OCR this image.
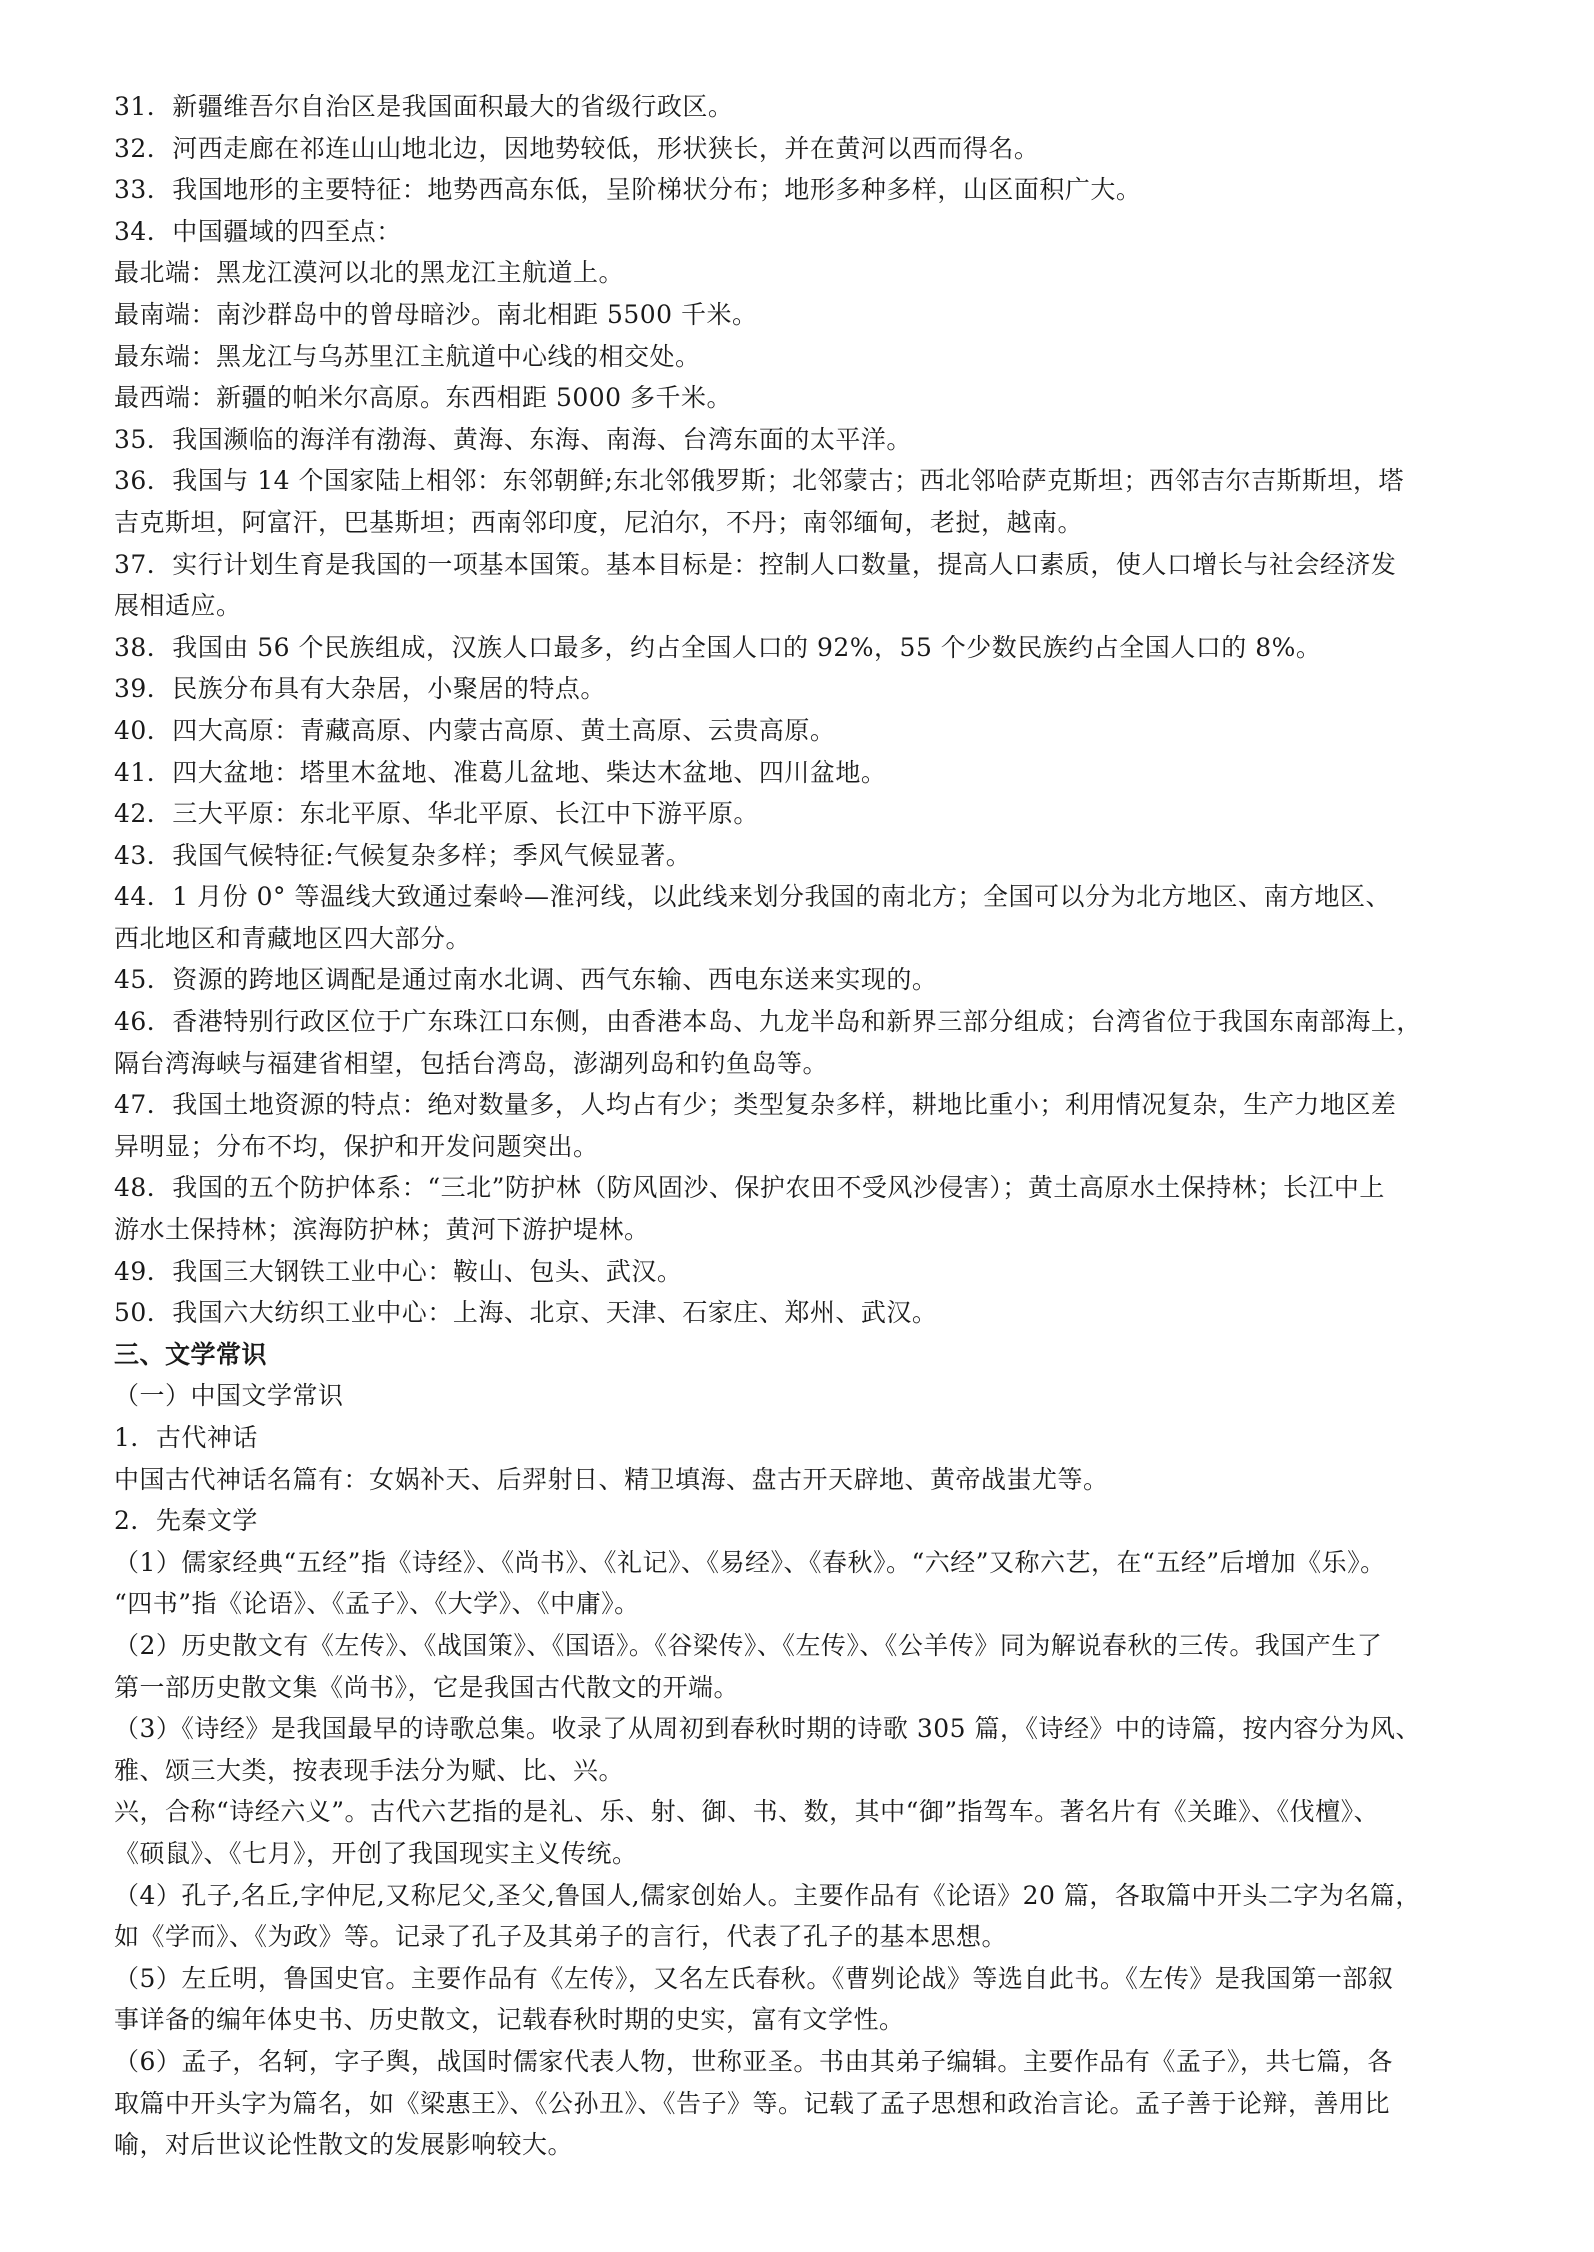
31．新疆维吾尔自治区是我国面积最大的省级行政区。
32．河西走廊在祁连山山地北边，因地势较低，形状狭长，并在黄河以西而得名。
33．我国地形的主要特征：地势西高东低，呈阶梯状分布；地形多种多样，山区面积广大。
34．中国疆域的四至点：
最北端：黑龙江漠河以北的黑龙江主航道上。
最南端：南沙群岛中的曾母暗沙。南北相距 5500 千米。
最东端：黑龙江与乌苏里江主航道中心线的相交处。
最西端：新疆的帕米尔高原。东西相距 5000 多千米。
35．我国濒临的海洋有渤海、黄海、东海、南海、台湾东面的太平洋。
36．我国与 14 个国家陆上相邻：东邻朝鲜;东北邻俄罗斯；北邻蒙古；西北邻哈萨克斯坦；西邻吉尔吉斯斯坦，塔
吉克斯坦，阿富汗，巴基斯坦；西南邻印度，尼泊尔，不丹；南邻缅甸，老挝，越南。
37．实行计划生育是我国的一项基本国策。基本目标是：控制人口数量，提高人口素质，使人口增长与社会经济发
展相适应。
38．我国由 56 个民族组成，汉族人口最多，约占全国人口的 92%，55 个少数民族约占全国人口的 8%。
39．民族分布具有大杂居，小聚居的特点。
40．四大高原：青藏高原、内蒙古高原、黄土高原、云贵高原。
41．四大盆地：塔里木盆地、准葛儿盆地、柴达木盆地、四川盆地。
42．三大平原：东北平原、华北平原、长江中下游平原。
43．我国气候特征:气候复杂多样；季风气候显著。
44．1 月份 0° 等温线大致通过秦岭—淮河线，以此线来划分我国的南北方；全国可以分为北方地区、南方地区、
西北地区和青藏地区四大部分。
45．资源的跨地区调配是通过南水北调、西气东输、西电东送来实现的。
46．香港特别行政区位于广东珠江口东侧，由香港本岛、九龙半岛和新界三部分组成；台湾省位于我国东南部海上，
隔台湾海峡与福建省相望，包括台湾岛，澎湖列岛和钓鱼岛等。
47．我国土地资源的特点：绝对数量多，人均占有少；类型复杂多样，耕地比重小；利用情况复杂，生产力地区差
异明显；分布不均，保护和开发问题突出。
48．我国的五个防护体系：“三北”防护林（防风固沙、保护农田不受风沙侵害）；黄土高原水土保持林；长江中上
游水土保持林；滨海防护林；黄河下游护堤林。
49．我国三大钢铁工业中心：鞍山、包头、武汉。
50．我国六大纺织工业中心：上海、北京、天津、石家庄、郑州、武汉。
三、文学常识
（一）中国文学常识
1．古代神话
中国古代神话名篇有：女娲补天、后羿射日、精卫填海、盘古开天辟地、黄帝战蚩尤等。
2．先秦文学
（1）儒家经典“五经”指《诗经》、《尚书》、《礼记》、《易经》、《春秋》。“六经”又称六艺，在“五经”后增加《乐》。
“四书”指《论语》、《孟子》、《大学》、《中庸》。
（2）历史散文有《左传》、《战国策》、《国语》。《谷梁传》、《左传》、《公羊传》同为解说春秋的三传。我国产生了
第一部历史散文集《尚书》，它是我国古代散文的开端。
（3）《诗经》是我国最早的诗歌总集。收录了从周初到春秋时期的诗歌 305 篇，《诗经》中的诗篇，按内容分为风、
雅、颂三大类，按表现手法分为赋、比、兴。
兴，合称“诗经六义”。古代六艺指的是礼、乐、射、御、书、数，其中“御”指驾车。著名片有《关雎》、《伐檀》、
《硕鼠》、《七月》，开创了我国现实主义传统。
（4）孔子,名丘,字仲尼,又称尼父,圣父,鲁国人,儒家创始人。主要作品有《论语》20 篇，各取篇中开头二字为名篇，
如《学而》、《为政》等。记录了孔子及其弟子的言行，代表了孔子的基本思想。
（5）左丘明，鲁国史官。主要作品有《左传》，又名左氏春秋。《曹刿论战》等选自此书。《左传》是我国第一部叙
事详备的编年体史书、历史散文，记载春秋时期的史实，富有文学性。
（6）孟子，名轲，字子舆，战国时儒家代表人物，世称亚圣。书由其弟子编辑。主要作品有《孟子》，共七篇，各
取篇中开头字为篇名，如《梁惠王》、《公孙丑》、《告子》等。记载了孟子思想和政治言论。孟子善于论辩，善用比
喻，对后世议论性散文的发展影响较大。
